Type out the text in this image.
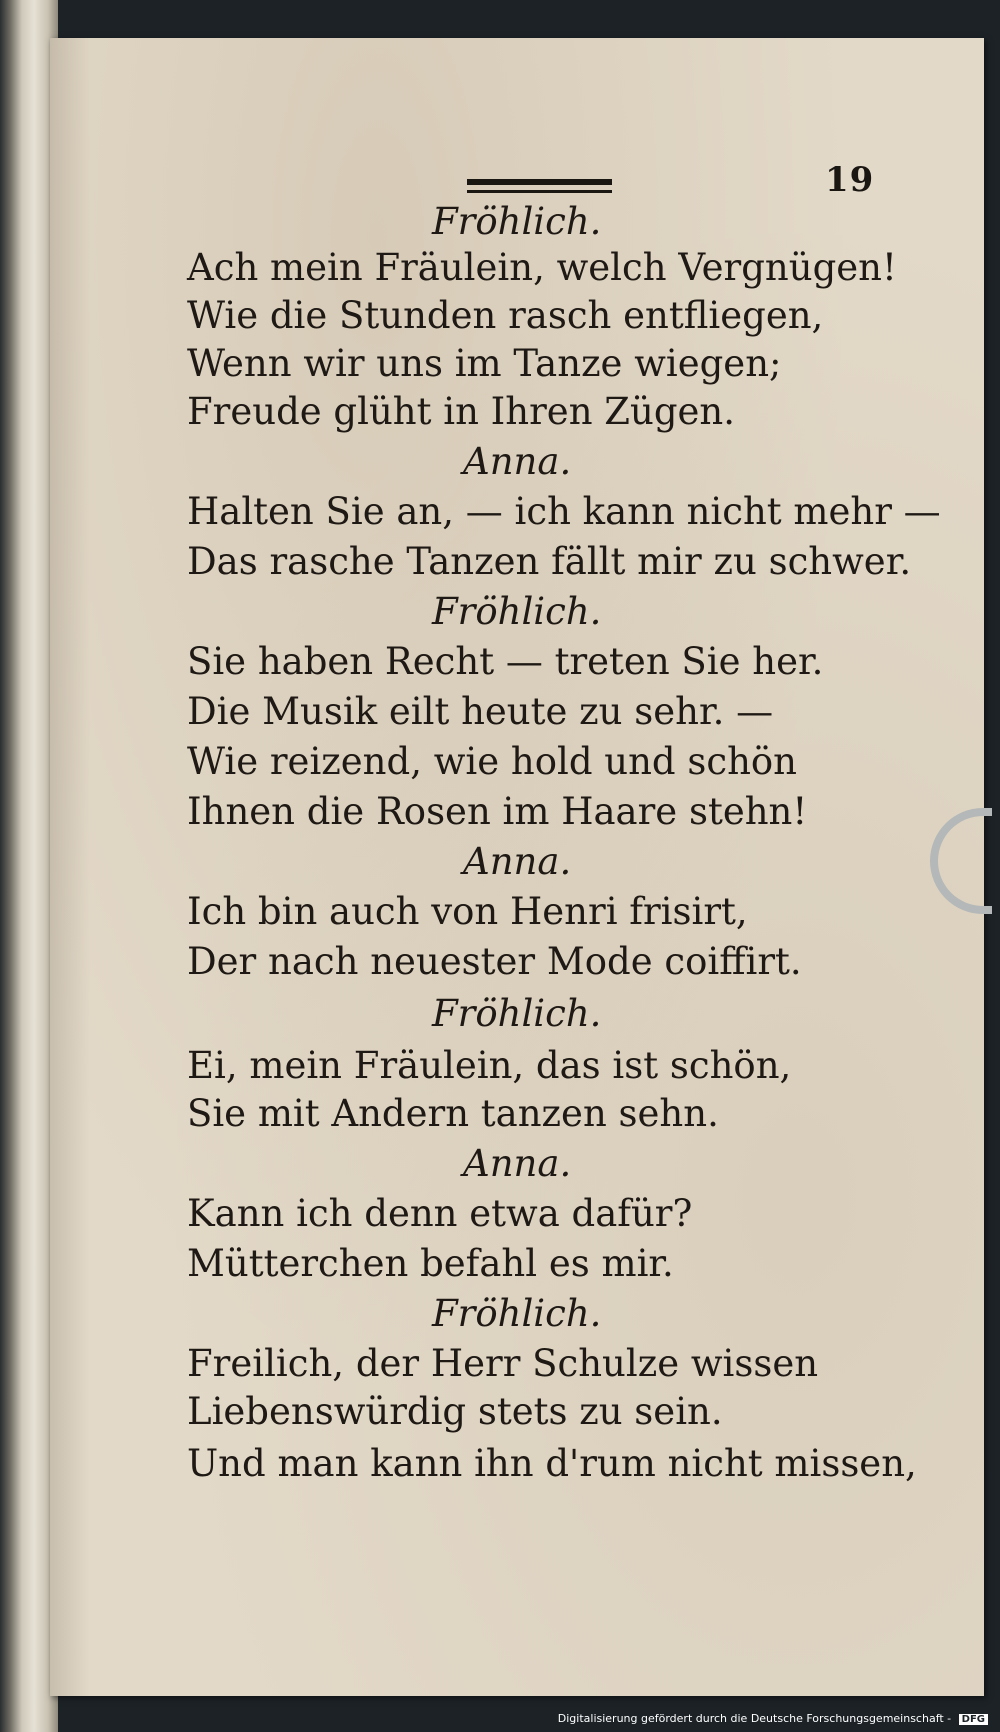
19
Fröhlich.
Ach mein Fräulein, welch Vergnügen!
Wie die Stunden rasch entfliegen,
Wenn wir uns im Tanze wiegen;
Freude glüht in Ihren Zügen.
Anna.
Halten Sie an, — ich kann nicht mehr —
Das rasche Tanzen fällt mir zu schwer.
Fröhlich.
Sie haben Recht — treten Sie her.
Die Musik eilt heute zu sehr. —
Wie reizend, wie hold und schön
Ihnen die Rosen im Haare stehn!
Anna.
Ich bin auch von Henri frisirt,
Der nach neuester Mode coiffirt.
Fröhlich.
Ei, mein Fräulein, das ist schön,
Sie mit Andern tanzen sehn.
Anna.
Kann ich denn etwa dafür?
Mütterchen befahl es mir.
Fröhlich.
Freilich, der Herr Schulze wissen
Liebenswürdig stets zu sein.
Und man kann ihn d'rum nicht missen,
Digitalisierung gefördert durch die Deutsche Forschungsgemeinschaft - DFG
